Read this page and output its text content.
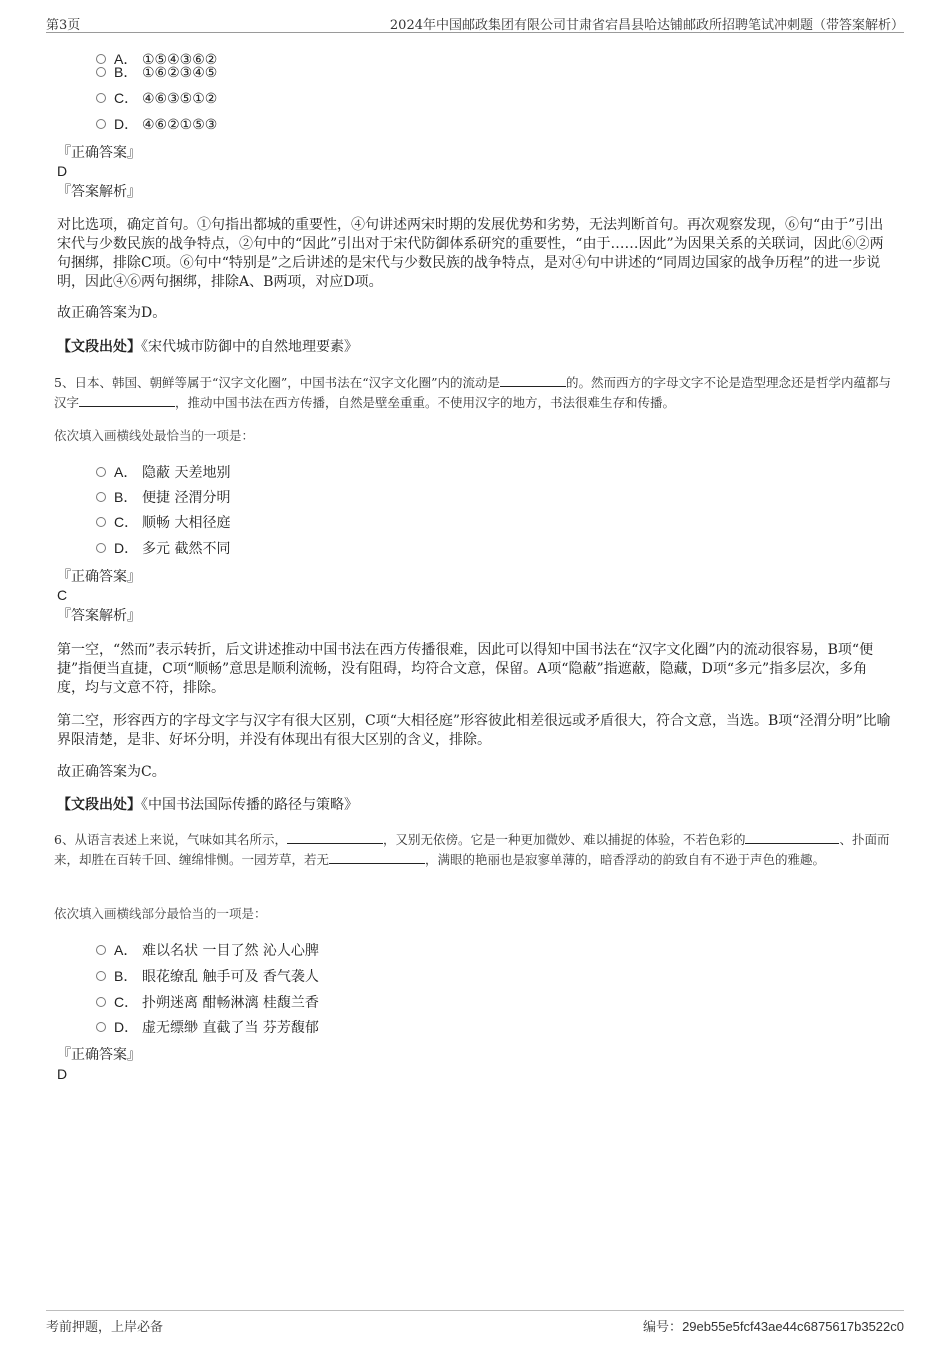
第3页	2024年中国邮政集团有限公司甘肃省宕昌县哈达铺邮政所招聘笔试冲刺题（带答案解析）
A． ①⑤④③⑥②
B． ①⑥②③④⑤
C． ④⑥③⑤①②
D． ④⑥②①⑤③
『正确答案』
D
『答案解析』
对比选项，确定首句。①句指出都城的重要性，④句讲述两宋时期的发展优势和劣势，无法判断首句。再次观察发现，⑥句“由于”引出宋代与少数民族的战争特点，②句中的“因此”引出对于宋代防御体系研究的重要性，“由于……因此”为因果关系的关联词，因此⑥②两句捆绑，排除C项。⑥句中“特别是”之后讲述的是宋代与少数民族的战争特点，是对④句中讲述的“同周边国家的战争历程”的进一步说明，因此④⑥两句捆绑，排除A、B两项，对应D项。
故正确答案为D。
【文段出处】《宋代城市防御中的自然地理要素》
5、日本、韩国、朝鲜等属于“汉字文化圈”，中国书法在“汉字文化圈”内的流动是	的。然而西方的字母文字不论是造型理念还是哲学内蕴都与汉字	，推动中国书法在西方传播，自然是壁垒重重。不使用汉字的地方，书法很难生存和传播。
依次填入画横线处最恰当的一项是：
A． 隐蔽 天差地别
B． 便捷 泾渭分明
C． 顺畅 大相径庭
D． 多元 截然不同
『正确答案』
C
『答案解析』
第一空，“然而”表示转折，后文讲述推动中国书法在西方传播很难，因此可以得知中国书法在“汉字文化圈”内的流动很容易，B项“便捷”指便当直捷，C项“顺畅”意思是顺利流畅，没有阻碍，均符合文意，保留。A项“隐蔽”指遮蔽，隐藏，D项“多元”指多层次，多角度，均与文意不符，排除。
第二空，形容西方的字母文字与汉字有很大区别，C项“大相径庭”形容彼此相差很远或矛盾很大，符合文意，当选。B项“泾渭分明”比喻界限清楚，是非、好坏分明，并没有体现出有很大区别的含义，排除。
故正确答案为C。
【文段出处】《中国书法国际传播的路径与策略》
6、从语言表述上来说，气味如其名所示，	，又别无依傍。它是一种更加微妙、难以捕捉的体验，不若色彩的	、扑面而来，却胜在百转千回、缠绵悱恻。一园芳草，若无	，满眼的艳丽也是寂寥单薄的，暗香浮动的韵致自有不逊于声色的雅趣。
依次填入画横线部分最恰当的一项是：
A． 难以名状 一目了然 沁人心脾
B． 眼花缭乱 触手可及 香气袭人
C． 扑朔迷离 酣畅淋漓 桂馥兰香
D． 虚无缥缈 直截了当 芬芳馥郁
『正确答案』
D
考前押题，上岸必备	编号：29eb55e5fcf43ae44c6875617b3522c0
